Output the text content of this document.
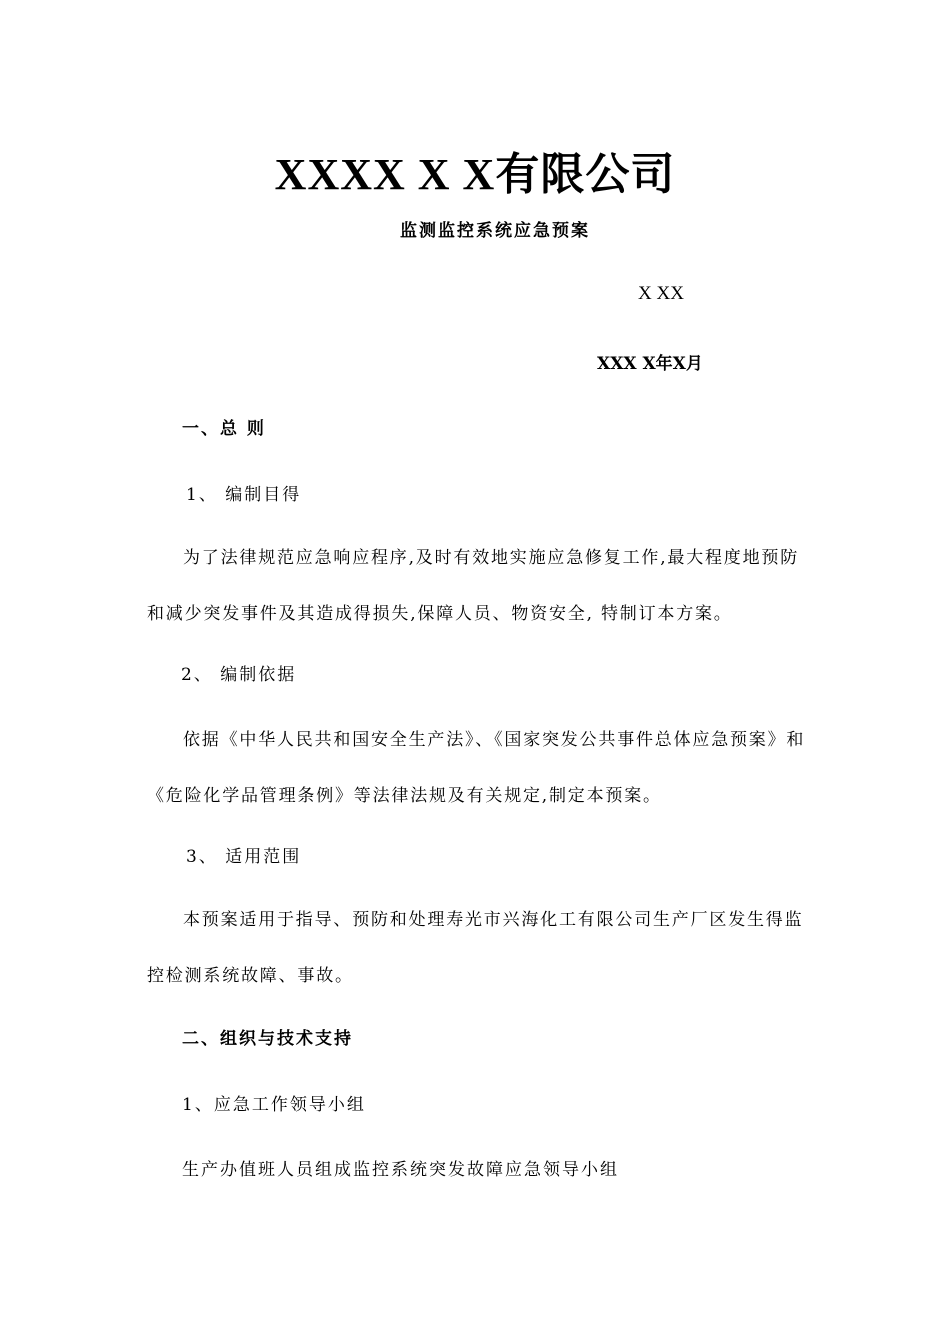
XXXX X X有限公司
监测监控系统应急预案
X XX
XXX X年X月
一、总 则
1、 编制目得
为了法律规范应急响应程序,及时有效地实施应急修复工作,最大程度地预防和减少突发事件及其造成得损失,保障人员、物资安全, 特制订本方案。
2、 编制依据
依据《中华人民共和国安全生产法》、《国家突发公共事件总体应急预案》和《危险化学品管理条例》等法律法规及有关规定,制定本预案。
3、 适用范围
本预案适用于指导、预防和处理寿光市兴海化工有限公司生产厂区发生得监控检测系统故障、事故。
二、组织与技术支持
1、应急工作领导小组
生产办值班人员组成监控系统突发故障应急领导小组
